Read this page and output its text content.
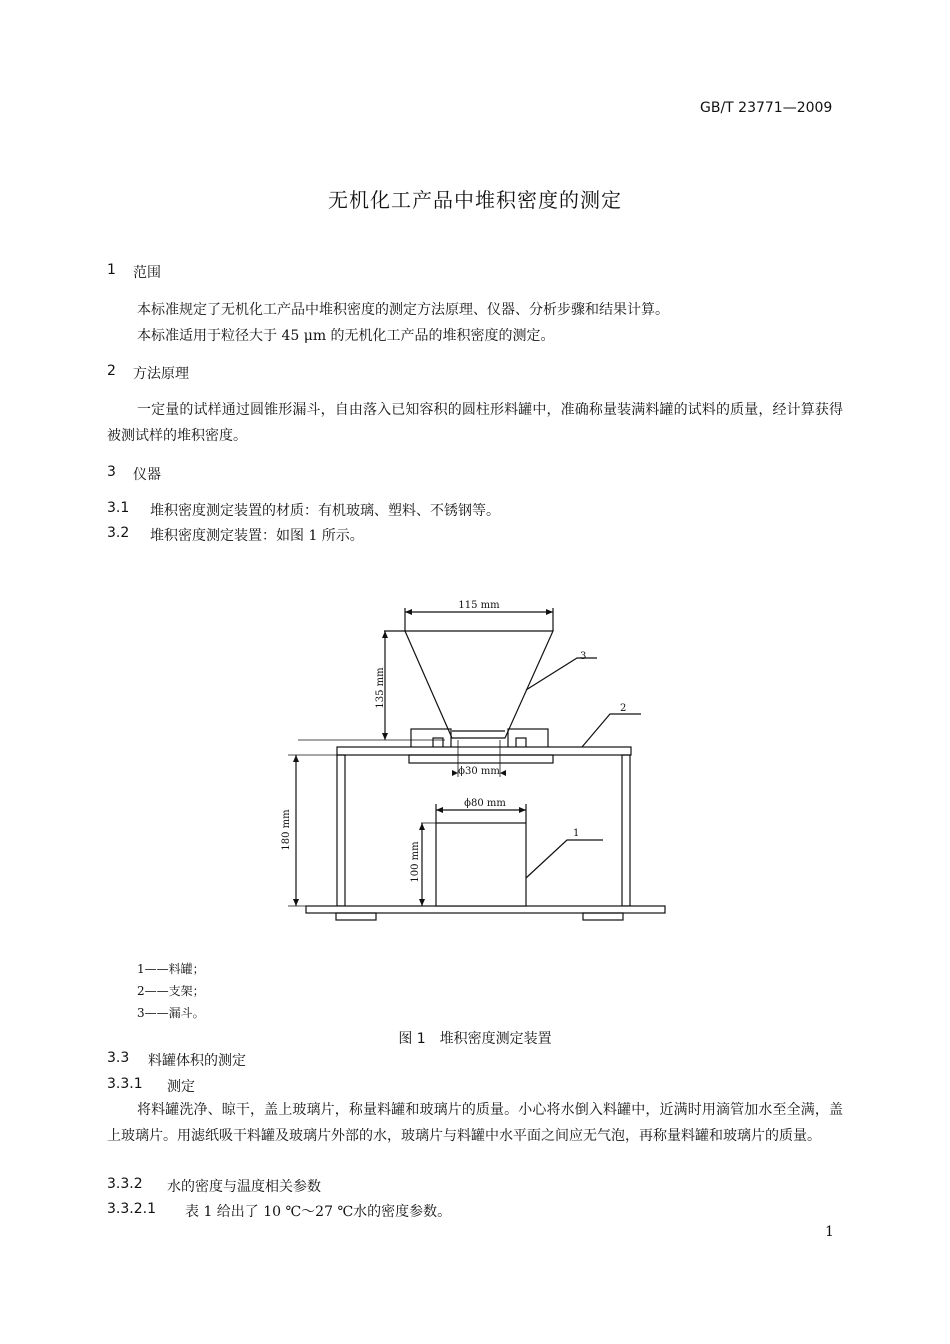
GB/T 23771—2009
无机化工产品中堆积密度的测定
1 范围
本标准规定了无机化工产品中堆积密度的测定方法原理、仪器、分析步骤和结果计算。
本标准适用于粒径大于 45 μm 的无机化工产品的堆积密度的测定。
2 方法原理
一定量的试样通过圆锥形漏斗，自由落入已知容积的圆柱形料罐中，准确称量装满料罐的试料的质量，经计算获得被测试样的堆积密度。
3 仪器
3.1 堆积密度测定装置的材质：有机玻璃、塑料、不锈钢等。
3.2 堆积密度测定装置：如图 1 所示。
115 mm
135 mm
ϕ30 mm
180 mm
ϕ80 mm
100 mm
1
2
3
1——料罐；
2——支架；
3——漏斗。
图 1　堆积密度测定装置
3.3 料罐体积的测定
3.3.1 测定
将料罐洗净、晾干，盖上玻璃片，称量料罐和玻璃片的质量。小心将水倒入料罐中，近满时用滴管加水至全满，盖上玻璃片。用滤纸吸干料罐及玻璃片外部的水，玻璃片与料罐中水平面之间应无气泡，再称量料罐和玻璃片的质量。
3.3.2 水的密度与温度相关参数
3.3.2.1 表 1 给出了 10 ℃～27 ℃水的密度参数。
1
